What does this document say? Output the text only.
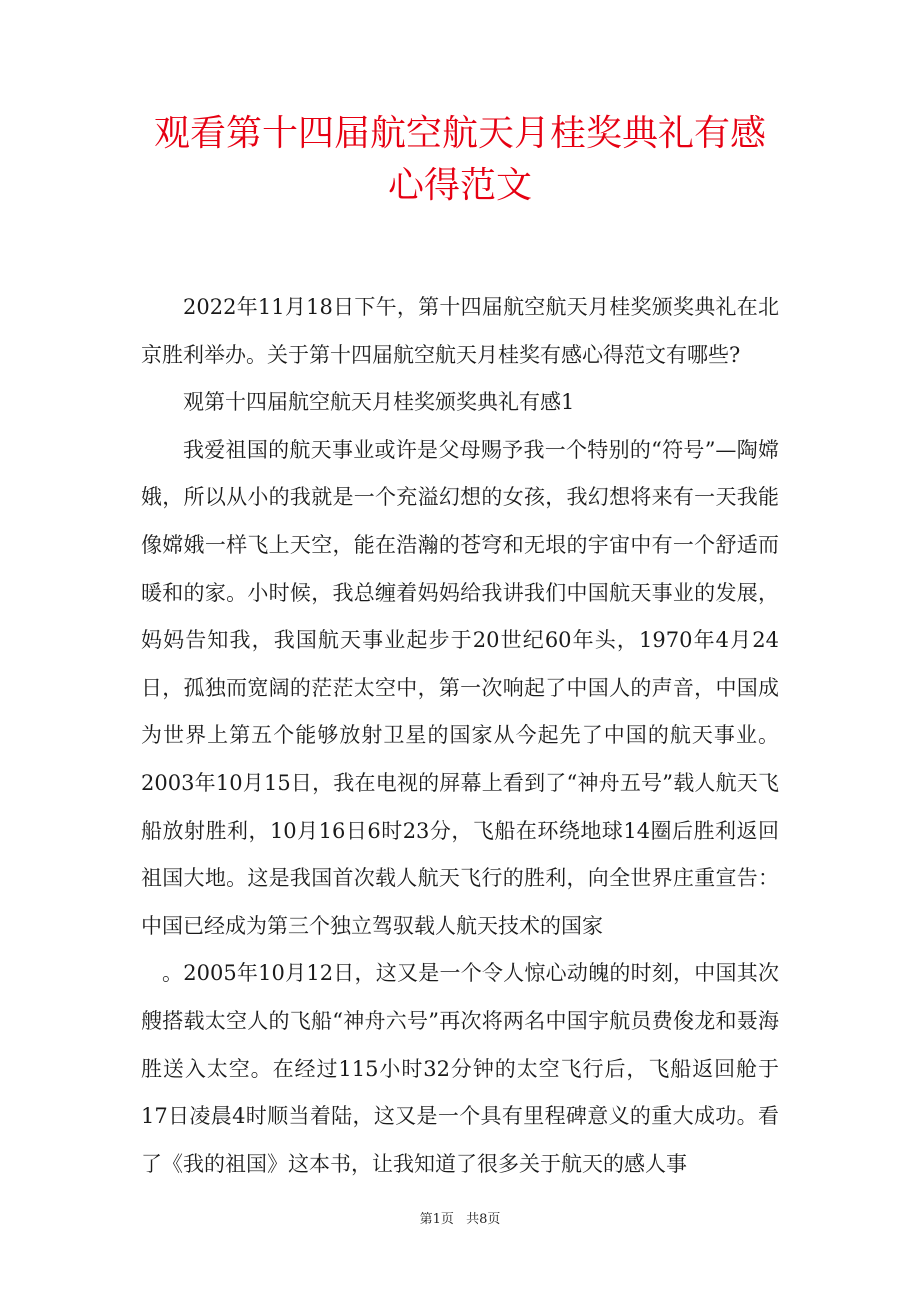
观看第十四届航空航天月桂奖典礼有感心得范文

2022年11月18日下午，第十四届航空航天月桂奖颁奖典礼在北京胜利举办。关于第十四届航空航天月桂奖有感心得范文有哪些?

观第十四届航空航天月桂奖颁奖典礼有感1

我爱祖国的航天事业或许是父母赐予我一个特别的“符号”—陶嫦娥，所以从小的我就是一个充溢幻想的女孩，我幻想将来有一天我能像嫦娥一样飞上天空，能在浩瀚的苍穹和无垠的宇宙中有一个舒适而暖和的家。小时候，我总缠着妈妈给我讲我们中国航天事业的发展，妈妈告知我，我国航天事业起步于20世纪60年头，1970年4月24日，孤独而宽阔的茫茫太空中，第一次响起了中国人的声音，中国成为世界上第五个能够放射卫星的国家从今起先了中国的航天事业。2003年10月15日，我在电视的屏幕上看到了“神舟五号”载人航天飞船放射胜利，10月16日6时23分，飞船在环绕地球14圈后胜利返回祖国大地。这是我国首次载人航天飞行的胜利，向全世界庄重宣告：中国已经成为第三个独立驾驭载人航天技术的国家

。2005年10月12日，这又是一个令人惊心动魄的时刻，中国其次艘搭载太空人的飞船“神舟六号”再次将两名中国宇航员费俊龙和聂海胜送入太空。在经过115小时32分钟的太空飞行后，飞船返回舱于17日凌晨4时顺当着陆，这又是一个具有里程碑意义的重大成功。看了《我的祖国》这本书，让我知道了很多关于航天的感人事

第1页 共8页
